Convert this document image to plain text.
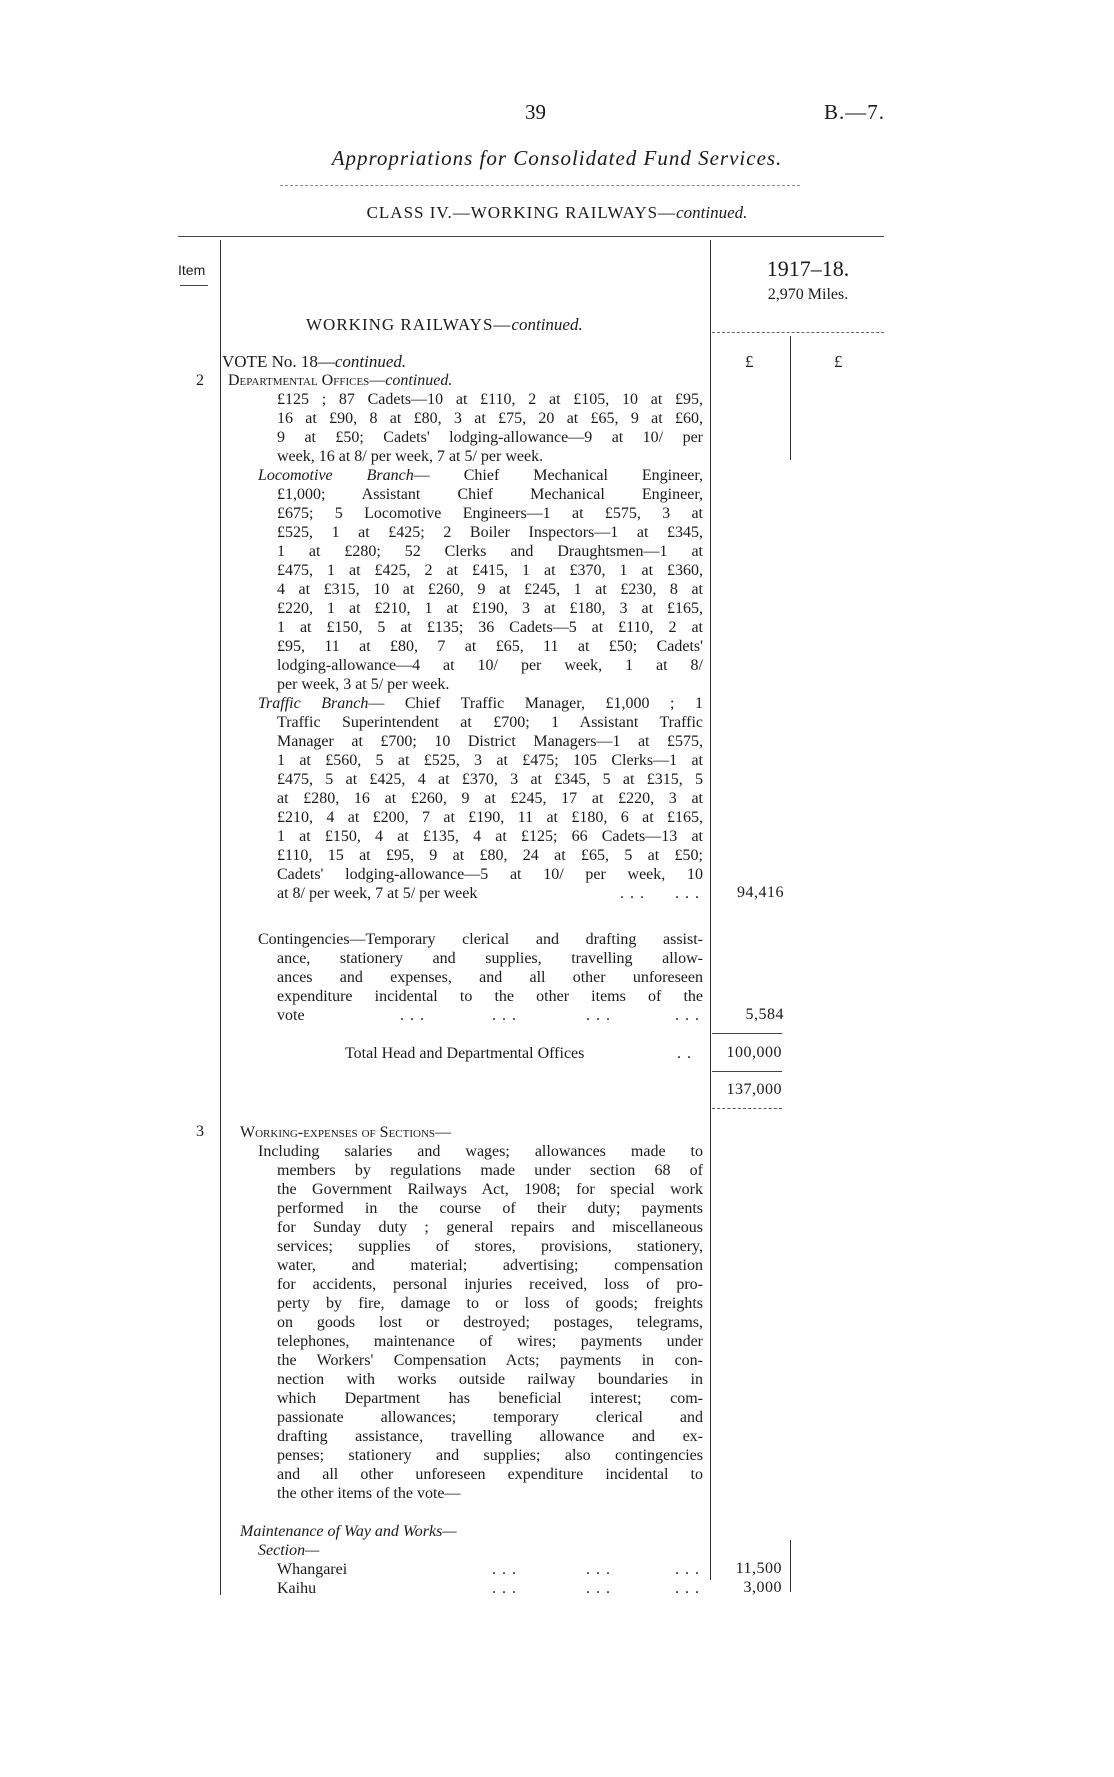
39	B.—7.
Appropriations for Consolidated Fund Services.
CLASS IV.—WORKING RAILWAYS—continued.
Item	1917–18.
2,970 Miles.
WORKING RAILWAYS—continued.
£	£
VOTE No. 18—continued.
2 Departmental Offices—continued.

£125 ; 87 Cadets—10 at £110, 2 at £105, 10 at £95,

16 at £90, 8 at £80, 3 at £75, 20 at £65, 9 at £60,

9 at £50; Cadets' lodging-allowance—9 at 10/ per

week, 16 at 8/ per week, 7 at 5/ per week.

Locomotive Branch— Chief Mechanical Engineer,

£1,000; Assistant Chief Mechanical Engineer,

£675; 5 Locomotive Engineers—1 at £575, 3 at

£525, 1 at £425; 2 Boiler Inspectors—1 at £345,

1 at £280; 52 Clerks and Draughtsmen—1 at

£475, 1 at £425, 2 at £415, 1 at £370, 1 at £360,

4 at £315, 10 at £260, 9 at £245, 1 at £230, 8 at

£220, 1 at £210, 1 at £190, 3 at £180, 3 at £165,

1 at £150, 5 at £135; 36 Cadets—5 at £110, 2 at

£95, 11 at £80, 7 at £65, 11 at £50; Cadets'

lodging-allowance—4 at 10/ per week, 1 at 8/

per week, 3 at 5/ per week.

Traffic Branch— Chief Traffic Manager, £1,000 ; 1

Traffic Superintendent at £700; 1 Assistant Traffic

Manager at £700; 10 District Managers—1 at £575,

1 at £560, 5 at £525, 3 at £475; 105 Clerks—1 at

£475, 5 at £425, 4 at £370, 3 at £345, 5 at £315, 5

at £280, 16 at £260, 9 at £245, 17 at £220, 3 at

£210, 4 at £200, 7 at £190, 11 at £180, 6 at £165,

1 at £150, 4 at £135, 4 at £125; 66 Cadets—13 at

£110, 15 at £95, 9 at £80, 24 at £65, 5 at £50;

Cadets' lodging-allowance—5 at 10/ per week, 10

at 8/ per week, 7 at 5/ per week	... ...	94,416

Contingencies—Temporary clerical and drafting assist-

ance, stationery and supplies, travelling allow-

ances and expenses, and all other unforeseen

expenditure incidental to the other items of the

vote	...	...	...	...	5,584
Total Head and Departmental Offices	..	100,000
137,000
3 Working-expenses of Sections—

Including salaries and wages; allowances made to

members by regulations made under section 68 of

the Government Railways Act, 1908; for special work

performed in the course of their duty; payments

for Sunday duty ; general repairs and miscellaneous

services; supplies of stores, provisions, stationery,

water, and material; advertising; compensation

for accidents, personal injuries received, loss of pro-

perty by fire, damage to or loss of goods; freights

on goods lost or destroyed; postages, telegrams,

telephones, maintenance of wires; payments under

the Workers' Compensation Acts; payments in con-

nection with works outside railway boundaries in

which Department has beneficial interest; com-

passionate allowances; temporary clerical and

drafting assistance, travelling allowance and ex-

penses; stationery and supplies; also contingencies

and all other unforeseen expenditure incidental to

the other items of the vote—
Maintenance of Way and Works—
Section—
Whangarei	...	...	...	11,500
Kaihu	...	...	...	3,000
